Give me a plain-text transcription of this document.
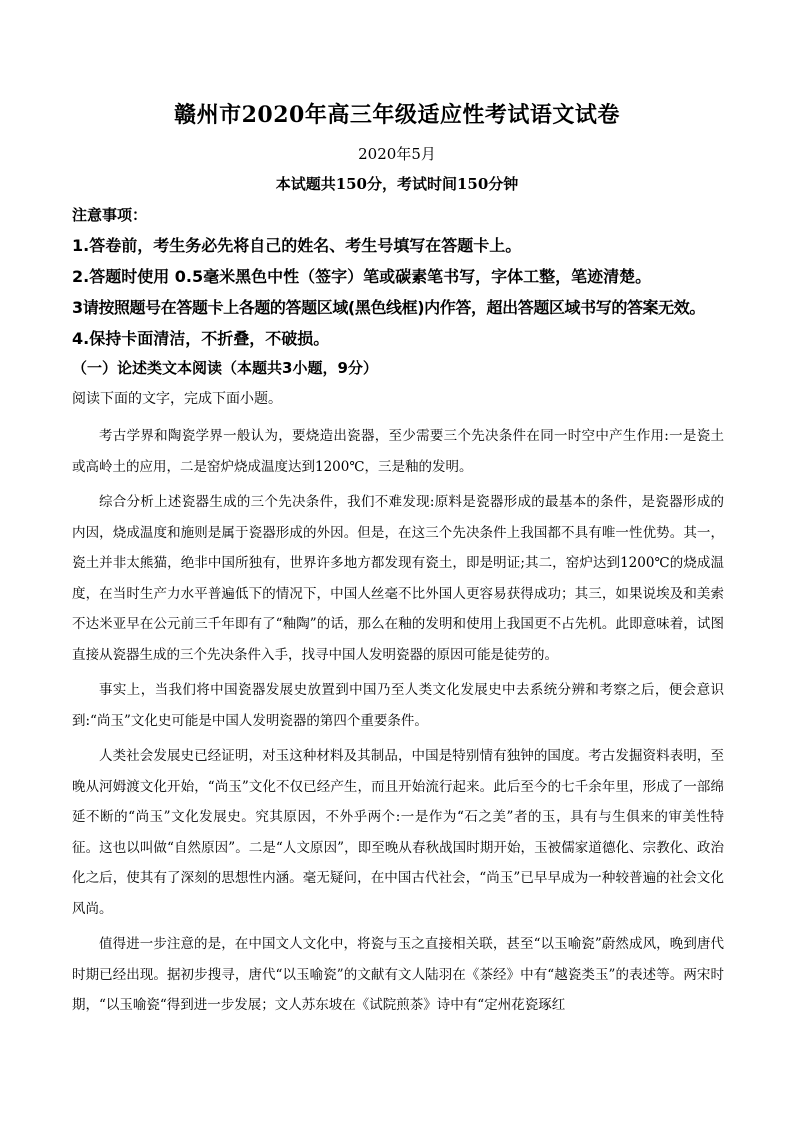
赣州市2020年高三年级适应性考试语文试卷
2020年5月
本试题共150分，考试时间150分钟
注意事项：
1.答卷前，考生务必先将自己的姓名、考生号填写在答题卡上。
2.答题时使用 0.5毫米黑色中性（签字）笔或碳素笔书写，字体工整，笔迹清楚。
3请按照题号在答题卡上各题的答题区域(黑色线框)内作答，超出答题区域书写的答案无效。
4.保持卡面清洁，不折叠，不破损。
（一）论述类文本阅读（本题共3小题，9分）
阅读下面的文字，完成下面小题。

考古学界和陶瓷学界一般认为，要烧造出瓷器，至少需要三个先决条件在同一时空中产生作用:一是瓷土或高岭土的应用，二是窑炉烧成温度达到1200℃，三是釉的发明。

综合分析上述瓷器生成的三个先决条件，我们不难发现:原料是瓷器形成的最基本的条件，是瓷器形成的内因，烧成温度和施则是属于瓷器形成的外因。但是，在这三个先决条件上我国都不具有唯一性优势。其一，瓷土并非太熊猫，绝非中国所独有，世界许多地方都发现有瓷土，即是明证;其二，窑炉达到1200℃的烧成温度，在当时生产力水平普遍低下的情况下，中国人丝毫不比外国人更容易获得成功；其三，如果说埃及和美索不达米亚早在公元前三千年即有了“釉陶”的话，那么在釉的发明和使用上我国更不占先机。此即意味着，试图直接从瓷器生成的三个先决条件入手，找寻中国人发明瓷器的原因可能是徒劳的。

事实上，当我们将中国瓷器发展史放置到中国乃至人类文化发展史中去系统分辨和考察之后，便会意识到:“尚玉”文化史可能是中国人发明瓷器的第四个重要条件。

人类社会发展史已经证明，对玉这种材料及其制品，中国是特别情有独钟的国度。考古发掘资料表明，至晚从河姆渡文化开始，“尚玉”文化不仅已经产生，而且开始流行起来。此后至今的七千余年里，形成了一部绵延不断的“尚玉”文化发展史。究其原因，不外乎两个:一是作为“石之美”者的玉，具有与生俱来的审美性特征。这也以叫做“自然原因”。二是“人文原因”，即至晚从春秋战国时期开始，玉被儒家道德化、宗教化、政治化之后，使其有了深刻的思想性内涵。毫无疑问，在中国古代社会，“尚玉”已早早成为一种较普遍的社会文化风尚。

值得进一步注意的是，在中国文人文化中，将瓷与玉之直接相关联，甚至“以玉喻瓷”蔚然成风，晚到唐代时期已经出现。据初步搜寻，唐代“以玉喻瓷”的文献有文人陆羽在《茶经》中有“越瓷类玉”的表述等。两宋时期，“以玉喻瓷“得到进一步发展；文人苏东坡在《试院煎茶》诗中有“定州花瓷琢红
